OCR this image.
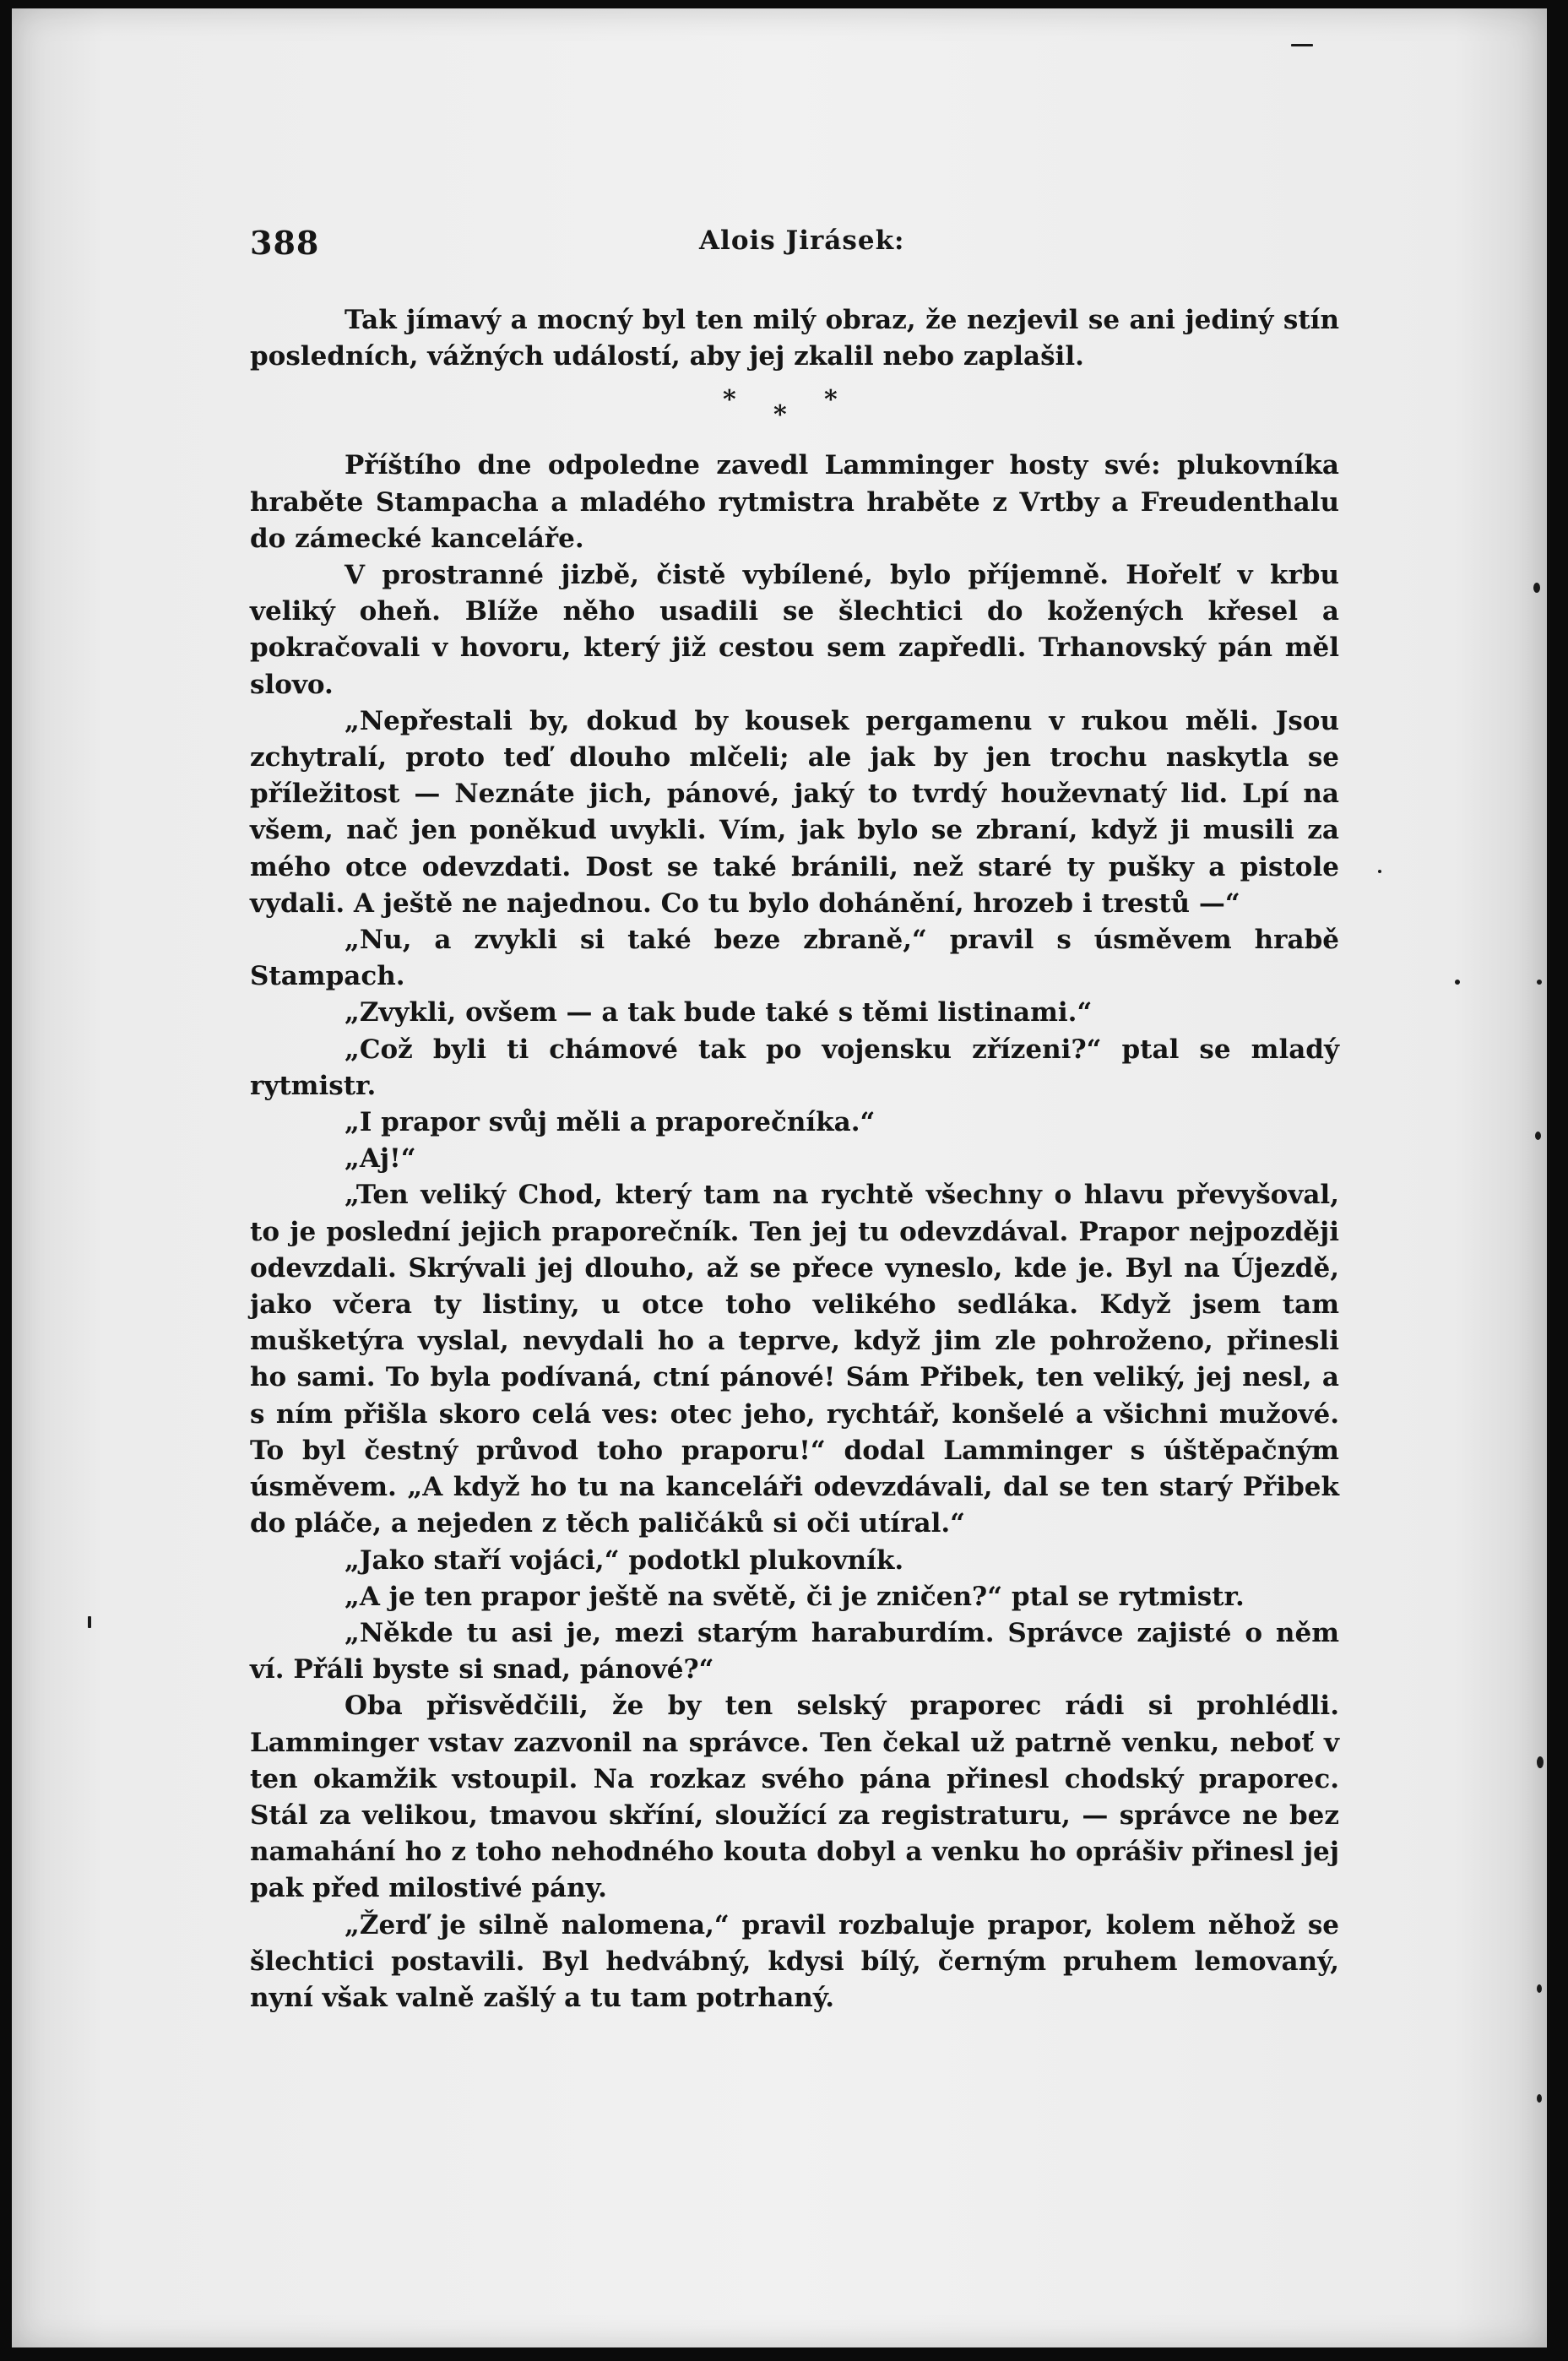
388	Alois Jirásek:

Tak jímavý a mocný byl ten milý obraz, že nezjevil se ani jediný stín posledních, vážných událostí, aby jej zkalil nebo zaplašil.

*
*
*

Příštího dne odpoledne zavedl Lamminger hosty své: plukovníka hraběte Stampacha a mladého rytmistra hraběte z Vrtby a Freudenthalu do zámecké kanceláře.

V prostranné jizbě, čistě vybílené, bylo příjemně. Hořelť v krbu veliký oheň. Blíže něho usadili se šlechtici do kožených křesel a pokračovali v hovoru, který již cestou sem zapředli. Trhanovský pán měl slovo.

„Nepřestali by, dokud by kousek pergamenu v rukou měli. Jsou zchytralí, proto teď dlouho mlčeli; ale jak by jen trochu naskytla se příležitost — Neznáte jich, pánové, jaký to tvrdý houževnatý lid. Lpí na všem, nač jen poněkud uvykli. Vím, jak bylo se zbraní, když ji musili za mého otce odevzdati. Dost se také bránili, než staré ty pušky a pistole vydali. A ještě ne najednou. Co tu bylo dohánění, hrozeb i trestů —“

„Nu, a zvykli si také beze zbraně,“ pravil s úsměvem hrabě Stampach.

„Zvykli, ovšem — a tak bude také s těmi listinami.“

„Což byli ti chámové tak po vojensku zřízeni?“ ptal se mladý rytmistr.

„I prapor svůj měli a praporečníka.“

„Aj!“

„Ten veliký Chod, který tam na rychtě všechny o hlavu převyšoval, to je poslední jejich praporečník. Ten jej tu odevzdával. Prapor nejpozději odevzdali. Skrývali jej dlouho, až se přece vyneslo, kde je. Byl na Újezdě, jako včera ty listiny, u otce toho velikého sedláka. Když jsem tam mušketýra vyslal, nevydali ho a teprve, když jim zle pohroženo, přinesli ho sami. To byla podívaná, ctní pánové! Sám Přibek, ten veliký, jej nesl, a s ním přišla skoro celá ves: otec jeho, rychtář, konšelé a všichni mužové. To byl čestný průvod toho praporu!“ dodal Lamminger s úštěpačným úsměvem. „A když ho tu na kanceláři odevzdávali, dal se ten starý Přibek do pláče, a nejeden z těch paličáků si oči utíral.“

„Jako staří vojáci,“ podotkl plukovník.

„A je ten prapor ještě na světě, či je zničen?“ ptal se rytmistr.

„Někde tu asi je, mezi starým haraburdím. Správce zajisté o něm ví. Přáli byste si snad, pánové?“

Oba přisvědčili, že by ten selský praporec rádi si prohlédli. Lamminger vstav zazvonil na správce. Ten čekal už patrně venku, neboť v ten okamžik vstoupil. Na rozkaz svého pána přinesl chodský praporec. Stál za velikou, tmavou skříní, sloužící za registraturu, — správce ne bez namahání ho z toho nehodného kouta dobyl a venku ho oprášiv přinesl jej pak před milostivé pány.

„Žerď je silně nalomena,“ pravil rozbaluje prapor, kolem něhož se šlechtici postavili. Byl hedvábný, kdysi bílý, černým pruhem lemovaný, nyní však valně zašlý a tu tam potrhaný.
